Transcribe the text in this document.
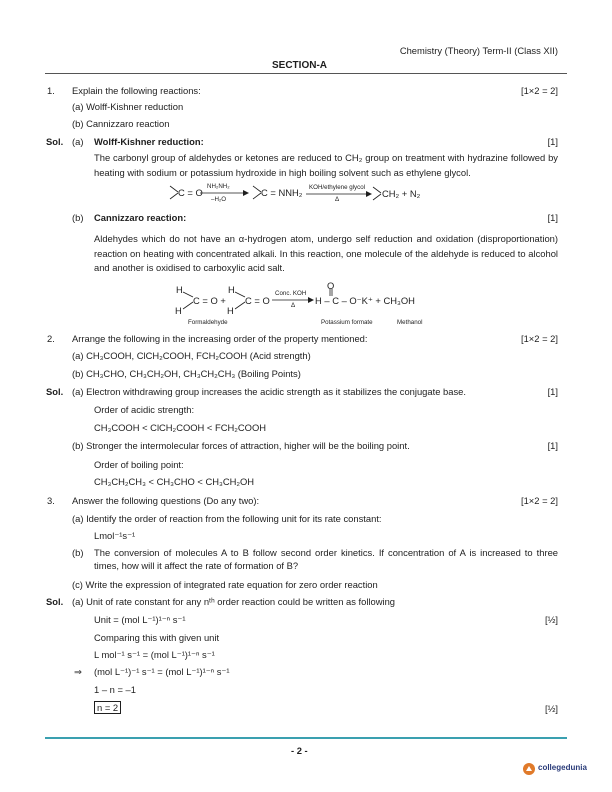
Chemistry (Theory) Term-II (Class XII)
SECTION-A
1. Explain the following reactions:	[1×2 = 2]
(a) Wolff-Kishner reduction
(b) Cannizzaro reaction
Sol. (a) Wolff-Kishner reduction:	[1]
The carbonyl group of aldehydes or ketones are reduced to CH₂ group on treatment with hydrazine followed by heating with sodium or potassium hydroxide in high boiling solvent such as ethylene glycol.
C = O
NH₂NH₂
–H₂O
C = NNH₂ KOH/ethylene glycol
Δ
CH₂ + N₂
(b) Cannizzaro reaction:	[1]
Aldehydes which do not have an α-hydrogen atom, undergo self reduction and oxidation (disproportionation) reaction on heating with concentrated alkali. In this reaction, one molecule of the aldehyde is reduced to alcohol and another is oxidised to carboxylic acid salt.
H
H
C = O +
H
H
C = O
Conc. KOH
Δ
O
H – C – O⁻K⁺ + CH₃OH
Formaldehyde	Potassium formate	Methanol
2. Arrange the following in the increasing order of the property mentioned:	[1×2 = 2]
(a) CH₃COOH, ClCH₂COOH, FCH₂COOH (Acid strength)
(b) CH₃CHO, CH₃CH₂OH, CH₃CH₂CH₃ (Boiling Points)
Sol. (a) Electron withdrawing group increases the acidic strength as it stabilizes the conjugate base.	[1]
Order of acidic strength:
CH₃COOH < ClCH₂COOH < FCH₂COOH
(b) Stronger the intermolecular forces of attraction, higher will be the boiling point.	[1]
Order of boiling point:
CH₃CH₂CH₃ < CH₃CHO < CH₃CH₂OH
3. Answer the following questions (Do any two):	[1×2 = 2]
(a) Identify the order of reaction from the following unit for its rate constant:
Lmol⁻¹s⁻¹
(b) The conversion of molecules A to B follow second order kinetics. If concentration of A is increased to three times, how will it affect the rate of formation of B?
(c) Write the expression of integrated rate equation for zero order reaction
Sol. (a) Unit of rate constant for any nᵗʰ order reaction could be written as following
Unit = (mol L⁻¹)¹⁻ⁿ s⁻¹	[½]
Comparing this with given unit
L mol⁻¹ s⁻¹ = (mol L⁻¹)¹⁻ⁿ s⁻¹
⇒ (mol L⁻¹)⁻¹ s⁻¹ = (mol L⁻¹)¹⁻ⁿ s⁻¹
1 – n = –1
n = 2	[½]
- 2 -
collegedunia
